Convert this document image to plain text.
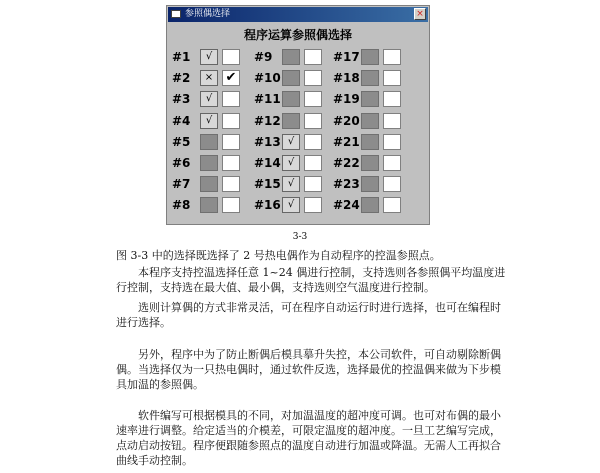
参照偶选择	×
程序运算参照偶选择
#1	√
#2	× ✔
#3	√
#4	√
#5
#6
#7
#8
#9
#10
#11
#12
#13 √
#14 √
#15 √
#16 √
#17
#18
#19
#20
#21
#22
#23
#24
3-3

图 3-3 中的选择既选择了 2 号热电偶作为自动程序的控温参照点。

本程序支持控温选择任意 1~24 偶进行控制，支持选则各参照偶平均温度进行控制，支持选在最大值、最小偶，支持选则空气温度进行控制。

选则计算偶的方式非常灵活，可在程序自动运行时进行选择，也可在编程时进行选择。

另外，程序中为了防止断偶后模具摹升失控，本公司软件，可自动剔除断偶偶。当选择仅为一只热电偶时，通过软件反选，选择最优的控温偶来做为下步模具加温的参照偶。

软件编写可根据模具的不同，对加温温度的超冲度可调。也可对布偶的最小速率进行调整。给定适当的介模差，可限定温度的超冲度。一旦工艺编写完成，点动启动按钮。程序便跟随参照点的温度自动进行加温或降温。无需人工再拟合曲线手动控制。
